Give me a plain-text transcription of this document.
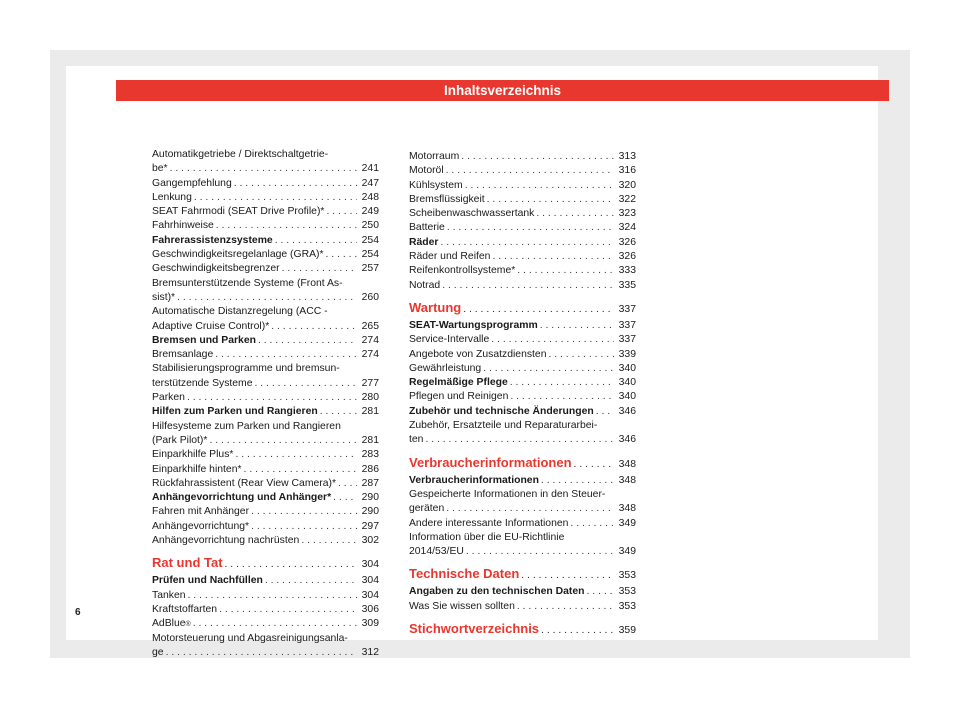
Inhaltsverzeichnis
Automatikgetriebe / Direktschaltgetrie-
be* . . .	241
Gangempfehlung . . .	247
Lenkung . . .	248
SEAT Fahrmodi (SEAT Drive Profile)* . . .	249
Fahrhinweise . . .	250
Fahrerassistenzsysteme . . .	254
Geschwindigkeitsregelanlage (GRA)* . . .	254
Geschwindigkeitsbegrenzer . . .	257
Bremsunterstützende Systeme (Front As-
sist)* . . .	260
Automatische Distanzregelung (ACC -
Adaptive Cruise Control)* . . .	265
Bremsen und Parken . . .	274
Bremsanlage . . .	274
Stabilisierungsprogramme und bremsun-
terstützende Systeme . . .	277
Parken . . .	280
Hilfen zum Parken und Rangieren . . .	281
Hilfesysteme zum Parken und Rangieren
(Park Pilot)* . . .	281
Einparkhilfe Plus* . . .	283
Einparkhilfe hinten* . . .	286
Rückfahrassistent (Rear View Camera)* . . .	287
Anhängevorrichtung und Anhänger* . . .	290
Fahren mit Anhänger . . .	290
Anhängevorrichtung* . . .	297
Anhängevorrichtung nachrüsten . . .	302
Rat und Tat . . .	304
Prüfen und Nachfüllen . . .	304
Tanken . . .	304
Kraftstoffarten . . .	306
AdBlue ® . . .	309
Motorsteuerung und Abgasreinigungsanla-
ge . . .	312
Motorraum . . .	313
Motoröl . . .	316
Kühlsystem . . .	320
Bremsflüssigkeit . . .	322
Scheibenwaschwassertank . . .	323
Batterie . . .	324
Räder . . .	326
Räder und Reifen . . .	326
Reifenkontrollsysteme* . . .	333
Notrad . . .	335
Wartung . . .	337
SEAT-Wartungsprogramm . . .	337
Service-Intervalle . . .	337
Angebote von Zusatzdiensten . . .	339
Gewährleistung . . .	340
Regelmäßige Pflege . . .	340
Pflegen und Reinigen . . .	340
Zubehör und technische Änderungen . . .	346
Zubehör, Ersatzteile und Reparaturarbei-
ten . . .	346
Verbraucherinformationen . . .	348
Verbraucherinformationen . . .	348
Gespeicherte Informationen in den Steuer-
geräten . . .	348
Andere interessante Informationen . . .	349
Information über die EU-Richtlinie
2014/53/EU . . .	349
Technische Daten . . .	353
Angaben zu den technischen Daten . . .	353
Was Sie wissen sollten . . .	353
Stichwortverzeichnis . . .	359
6
